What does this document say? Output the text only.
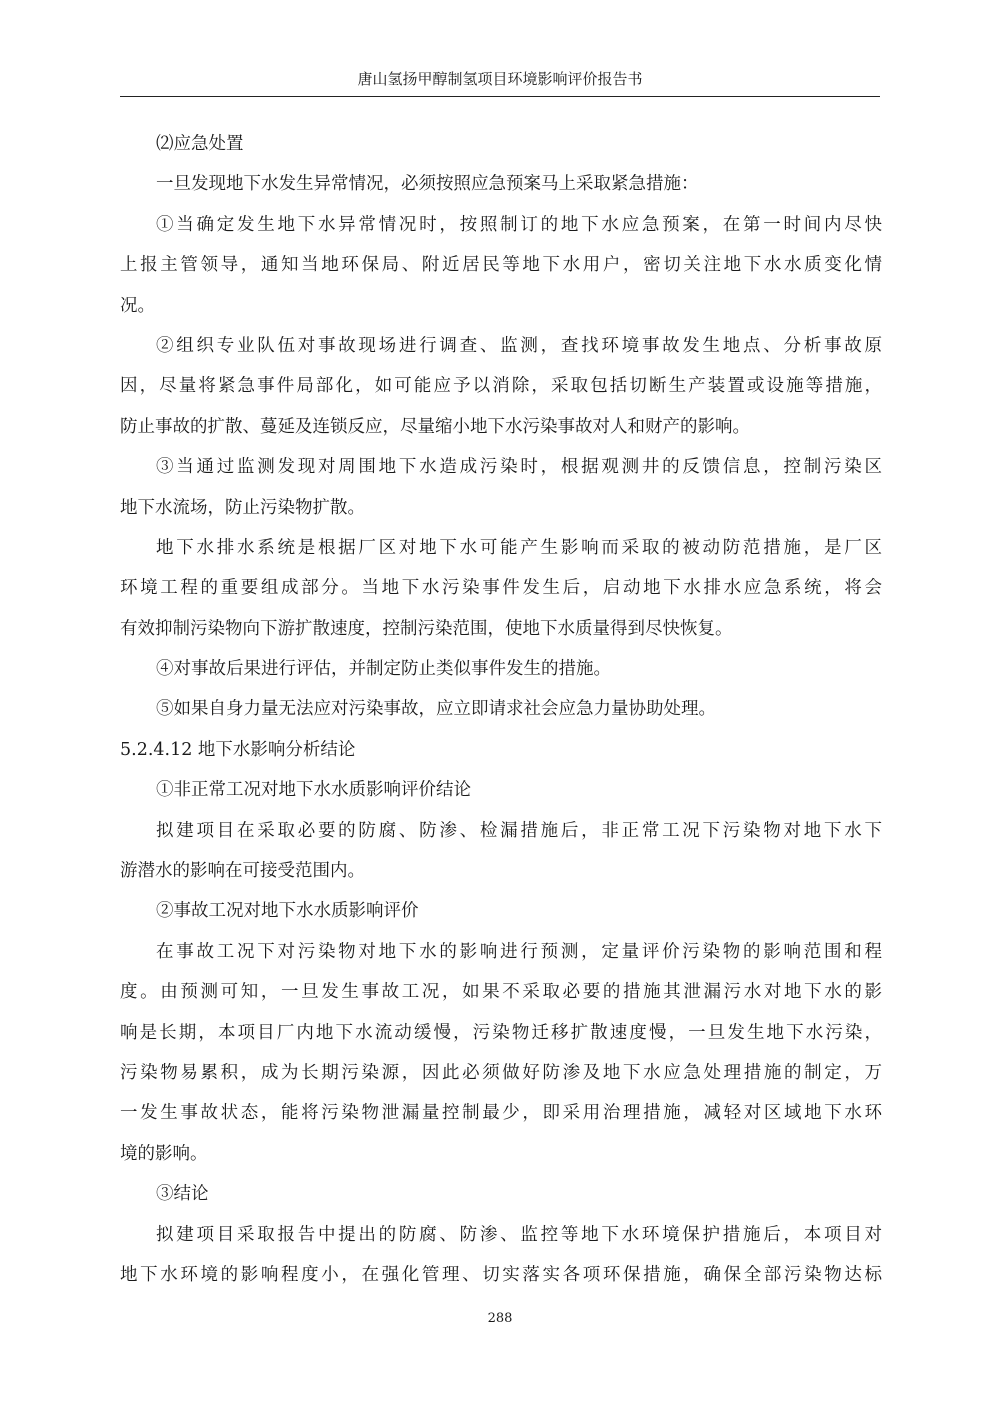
唐山氢扬甲醇制氢项目环境影响评价报告书
⑵应急处置
一旦发现地下水发生异常情况，必须按照应急预案马上采取紧急措施：
①当确定发生地下水异常情况时，按照制订的地下水应急预案，在第一时间内尽快
上报主管领导，通知当地环保局、附近居民等地下水用户，密切关注地下水水质变化情
况。
②组织专业队伍对事故现场进行调查、监测，查找环境事故发生地点、分析事故原
因，尽量将紧急事件局部化，如可能应予以消除，采取包括切断生产装置或设施等措施，
防止事故的扩散、蔓延及连锁反应，尽量缩小地下水污染事故对人和财产的影响。
③当通过监测发现对周围地下水造成污染时，根据观测井的反馈信息，控制污染区
地下水流场，防止污染物扩散。
地下水排水系统是根据厂区对地下水可能产生影响而采取的被动防范措施，是厂区
环境工程的重要组成部分。当地下水污染事件发生后，启动地下水排水应急系统，将会
有效抑制污染物向下游扩散速度，控制污染范围，使地下水质量得到尽快恢复。
④对事故后果进行评估，并制定防止类似事件发生的措施。
⑤如果自身力量无法应对污染事故，应立即请求社会应急力量协助处理。
5.2.4.12 地下水影响分析结论
①非正常工况对地下水水质影响评价结论
拟建项目在采取必要的防腐、防渗、检漏措施后，非正常工况下污染物对地下水下
游潜水的影响在可接受范围内。
②事故工况对地下水水质影响评价
在事故工况下对污染物对地下水的影响进行预测，定量评价污染物的影响范围和程
度。由预测可知，一旦发生事故工况，如果不采取必要的措施其泄漏污水对地下水的影
响是长期，本项目厂内地下水流动缓慢，污染物迁移扩散速度慢，一旦发生地下水污染，
污染物易累积，成为长期污染源，因此必须做好防渗及地下水应急处理措施的制定，万
一发生事故状态，能将污染物泄漏量控制最少，即采用治理措施，减轻对区域地下水环
境的影响。
③结论
拟建项目采取报告中提出的防腐、防渗、监控等地下水环境保护措施后，本项目对
地下水环境的影响程度小，在强化管理、切实落实各项环保措施，确保全部污染物达标
288
